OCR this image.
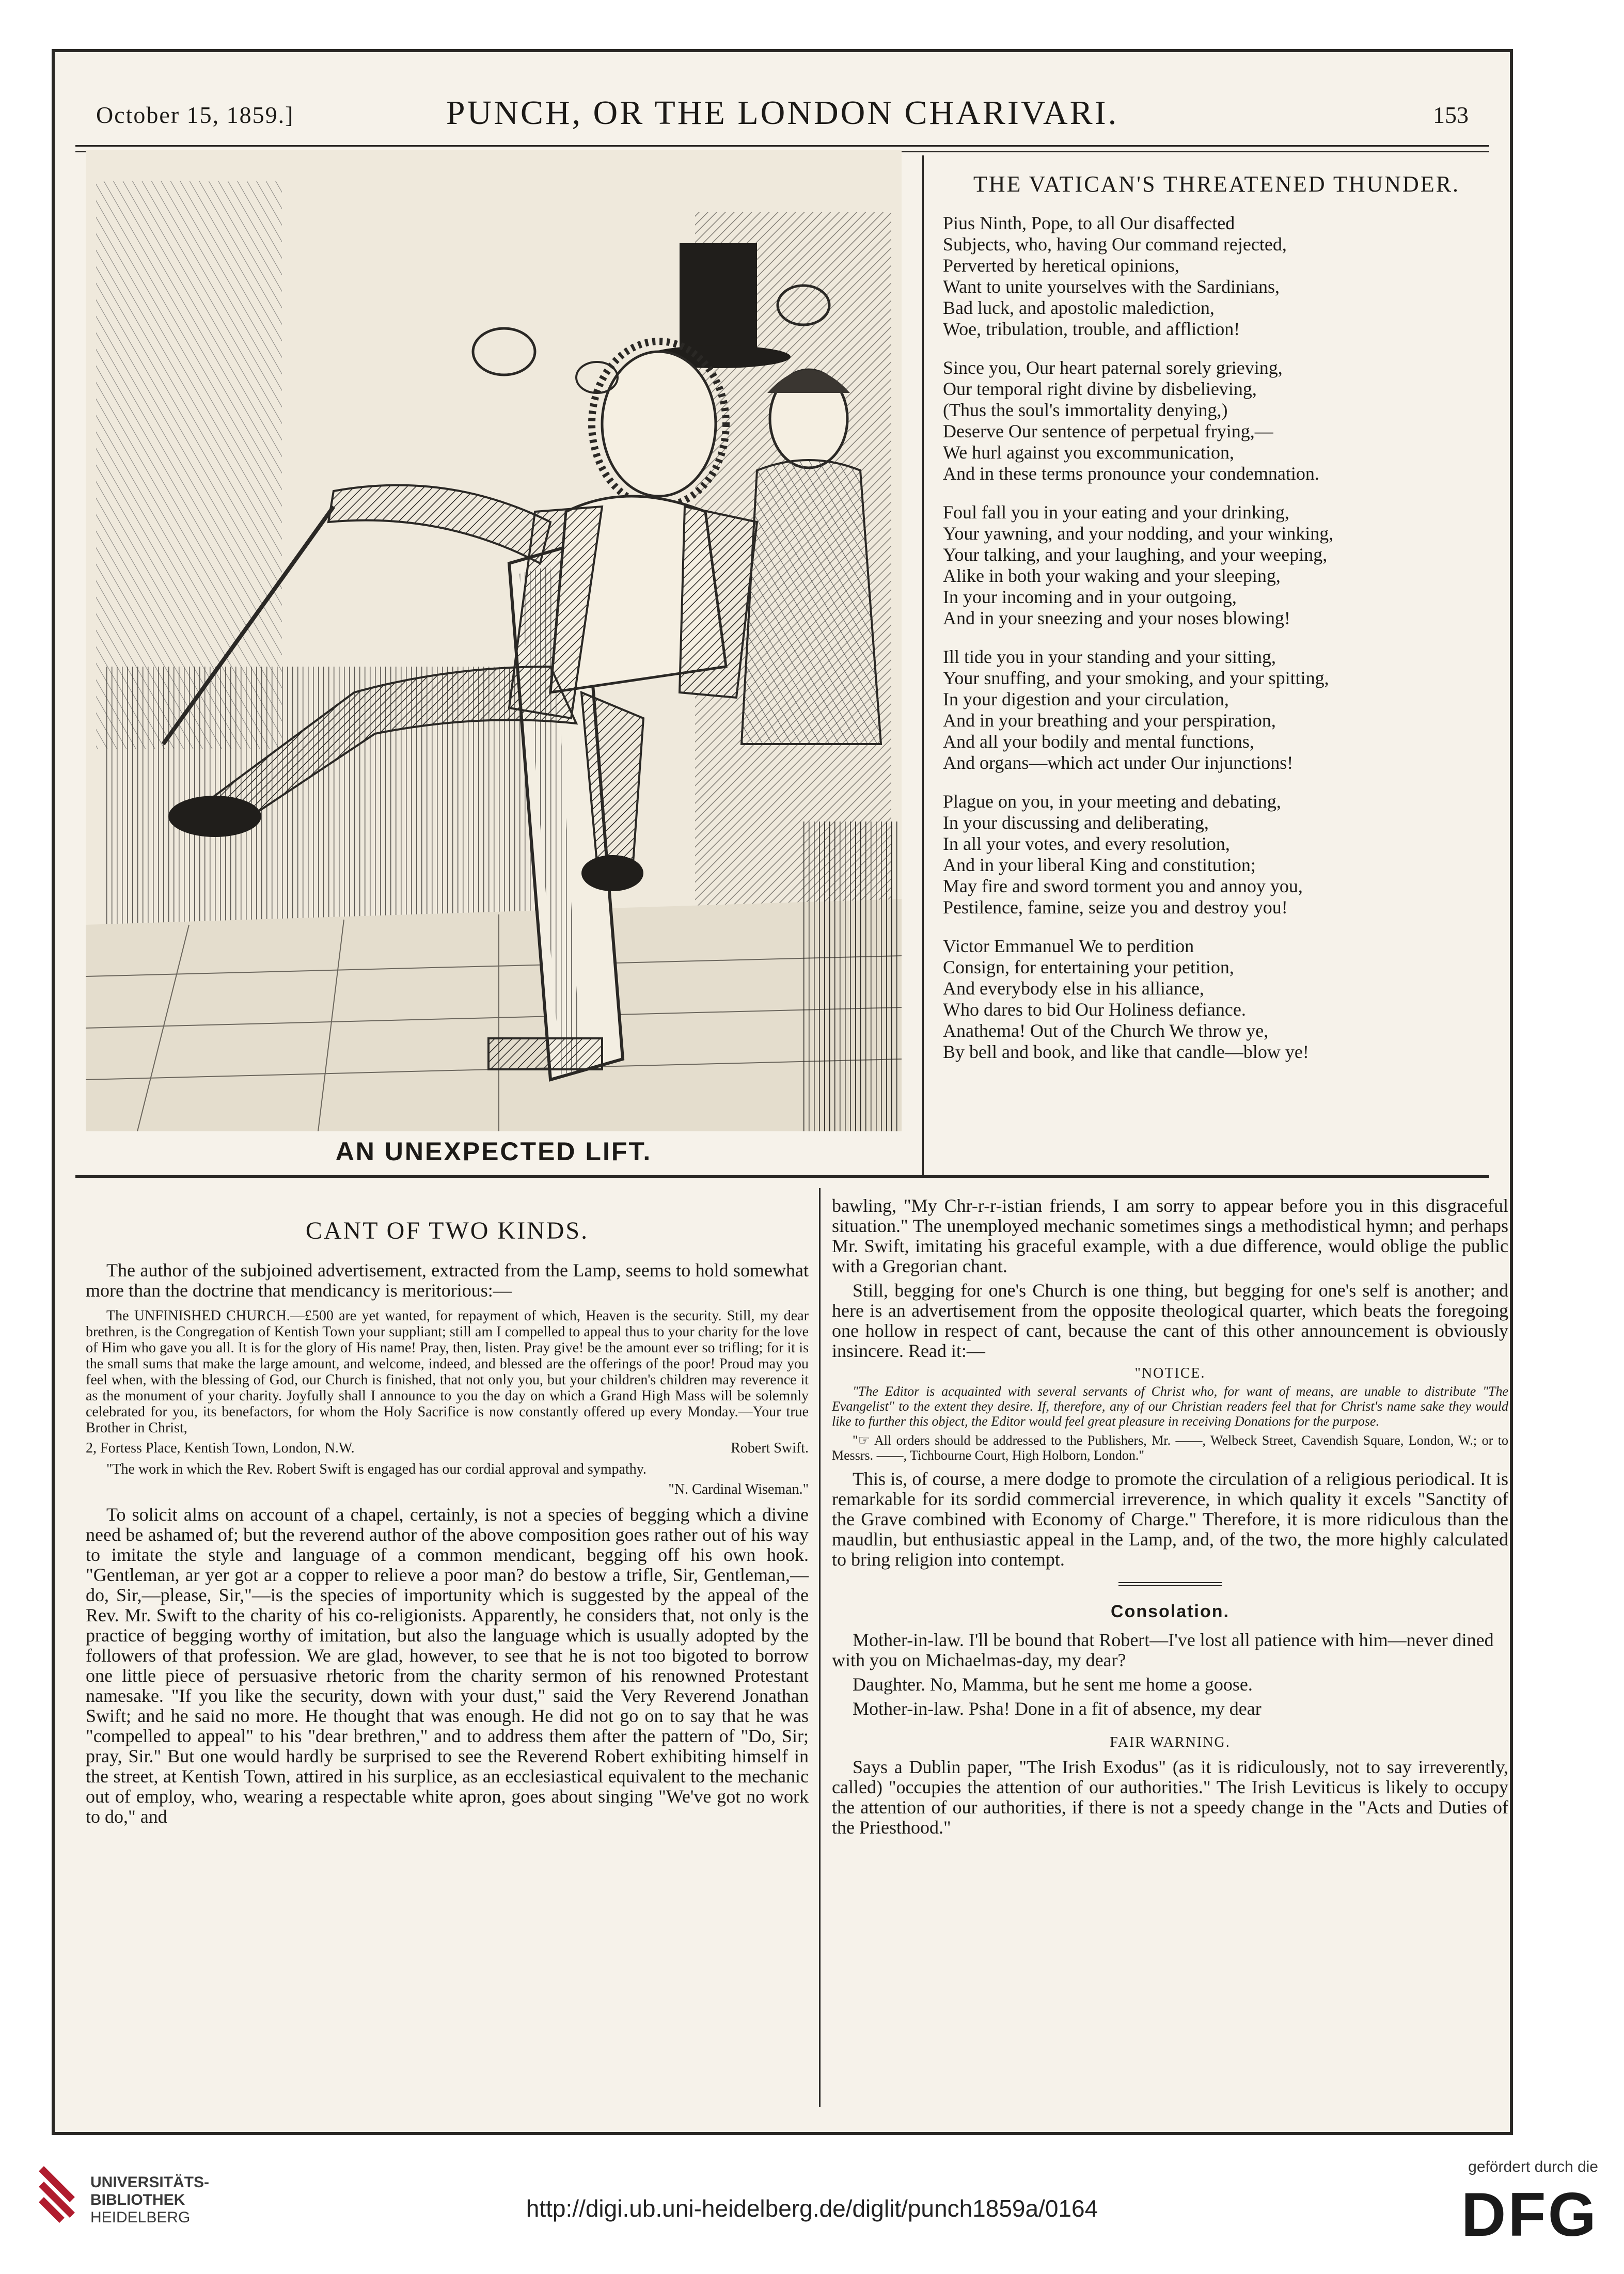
October 15, 1859.]	PUNCH, OR THE LONDON CHARIVARI.	153
AN UNEXPECTED LIFT.
THE VATICAN'S THREATENED THUNDER.
Pius Ninth, Pope, to all Our disaffected
Subjects, who, having Our command rejected,
Perverted by heretical opinions,
Want to unite yourselves with the Sardinians,
Bad luck, and apostolic malediction,
Woe, tribulation, trouble, and affliction!
Since you, Our heart paternal sorely grieving,
Our temporal right divine by disbelieving,
(Thus the soul's immortality denying,)
Deserve Our sentence of perpetual frying,—
We hurl against you excommunication,
And in these terms pronounce your condemnation.
Foul fall you in your eating and your drinking,
Your yawning, and your nodding, and your winking,
Your talking, and your laughing, and your weeping,
Alike in both your waking and your sleeping,
In your incoming and in your outgoing,
And in your sneezing and your noses blowing!
Ill tide you in your standing and your sitting,
Your snuffing, and your smoking, and your spitting,
In your digestion and your circulation,
And in your breathing and your perspiration,
And all your bodily and mental functions,
And organs—which act under Our injunctions!
Plague on you, in your meeting and debating,
In your discussing and deliberating,
In all your votes, and every resolution,
And in your liberal King and constitution;
May fire and sword torment you and annoy you,
Pestilence, famine, seize you and destroy you!
Victor Emmanuel We to perdition
Consign, for entertaining your petition,
And everybody else in his alliance,
Who dares to bid Our Holiness defiance.
Anathema! Out of the Church We throw ye,
By bell and book, and like that candle—blow ye!
CANT OF TWO KINDS.

The author of the subjoined advertisement, extracted from the Lamp, seems to hold somewhat more than the doctrine that mendicancy is meritorious:—

The UNFINISHED CHURCH.—£500 are yet wanted, for repayment of which, Heaven is the security. Still, my dear brethren, is the Congregation of Kentish Town your suppliant; still am I compelled to appeal thus to your charity for the love of Him who gave you all. It is for the glory of His name! Pray, then, listen. Pray give! be the amount ever so trifling; for it is the small sums that make the large amount, and welcome, indeed, and blessed are the offerings of the poor! Proud may you feel when, with the blessing of God, our Church is finished, that not only you, but your children's children may reverence it as the monument of your charity. Joyfully shall I announce to you the day on which a Grand High Mass will be solemnly celebrated for you, its benefactors, for whom the Holy Sacrifice is now constantly offered up every Monday.—Your true Brother in Christ,

2, Fortess Place, Kentish Town, London, N.W.	Robert Swift.

"The work in which the Rev. Robert Swift is engaged has our cordial approval and sympathy.

"N. Cardinal Wiseman."

To solicit alms on account of a chapel, certainly, is not a species of begging which a divine need be ashamed of; but the reverend author of the above composition goes rather out of his way to imitate the style and language of a common mendicant, begging off his own hook. "Gentleman, ar yer got ar a copper to relieve a poor man? do bestow a trifle, Sir, Gentleman,—do, Sir,—please, Sir,"—is the species of importunity which is suggested by the appeal of the Rev. Mr. Swift to the charity of his co-religionists. Apparently, he considers that, not only is the practice of begging worthy of imitation, but also the language which is usually adopted by the followers of that profession. We are glad, however, to see that he is not too bigoted to borrow one little piece of persuasive rhetoric from the charity sermon of his renowned Protestant namesake. "If you like the security, down with your dust," said the Very Reverend Jonathan Swift; and he said no more. He thought that was enough. He did not go on to say that he was "compelled to appeal" to his "dear brethren," and to address them after the pattern of "Do, Sir; pray, Sir." But one would hardly be surprised to see the Reverend Robert exhibiting himself in the street, at Kentish Town, attired in his surplice, as an ecclesiastical equivalent to the mechanic out of employ, who, wearing a respectable white apron, goes about singing "We've got no work to do," and

bawling, "My Chr-r-r-istian friends, I am sorry to appear before you in this disgraceful situation." The unemployed mechanic sometimes sings a methodistical hymn; and perhaps Mr. Swift, imitating his graceful example, with a due difference, would oblige the public with a Gregorian chant.

Still, begging for one's Church is one thing, but begging for one's self is another; and here is an advertisement from the opposite theological quarter, which beats the foregoing one hollow in respect of cant, because the cant of this other announcement is obviously insincere. Read it:—

"NOTICE.

"The Editor is acquainted with several servants of Christ who, for want of means, are unable to distribute "The Evangelist" to the extent they desire. If, therefore, any of our Christian readers feel that for Christ's name sake they would like to further this object, the Editor would feel great pleasure in receiving Donations for the purpose.

"☞ All orders should be addressed to the Publishers, Mr. ——, Welbeck Street, Cavendish Square, London, W.; or to Messrs. ——, Tichbourne Court, High Holborn, London."

This is, of course, a mere dodge to promote the circulation of a religious periodical. It is remarkable for its sordid commercial irreverence, in which quality it excels "Sanctity of the Grave combined with Economy of Charge." Therefore, it is more ridiculous than the maudlin, but enthusiastic appeal in the Lamp, and, of the two, the more highly calculated to bring religion into contempt.

Consolation.

Mother-in-law. I'll be bound that Robert—I've lost all patience with him—never dined with you on Michaelmas-day, my dear?

Daughter. No, Mamma, but he sent me home a goose.

Mother-in-law. Psha! Done in a fit of absence, my dear

FAIR WARNING.

Says a Dublin paper, "The Irish Exodus" (as it is ridiculously, not to say irreverently, called) "occupies the attention of our authorities." The Irish Leviticus is likely to occupy the attention of our authorities, if there is not a speedy change in the "Acts and Duties of the Priesthood."

UNIVERSITÄTS-
BIBLIOTHEK
HEIDELBERG	http://digi.ub.uni-heidelberg.de/diglit/punch1859a/0164
gefördert durch die
DFG
